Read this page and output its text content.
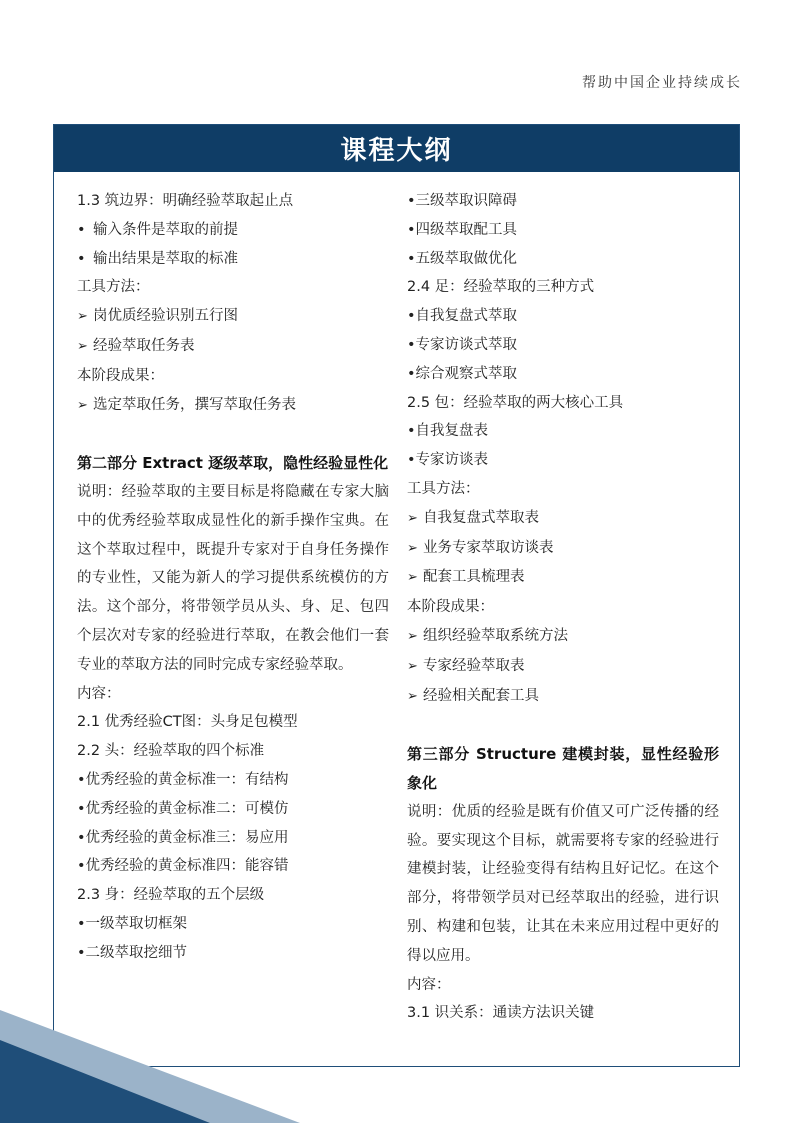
帮助中国企业持续成长
课程大纲
1.3 筑边界：明确经验萃取起止点
• 输入条件是萃取的前提
• 输出结果是萃取的标准
工具方法：
➢ 岗优质经验识别五行图
➢ 经验萃取任务表
本阶段成果：
➢ 选定萃取任务，撰写萃取任务表
第二部分 Extract 逐级萃取，隐性经验显性化
说明：经验萃取的主要目标是将隐藏在专家大脑中的优秀经验萃取成显性化的新手操作宝典。在这个萃取过程中，既提升专家对于自身任务操作的专业性，又能为新人的学习提供系统模仿的方法。这个部分，将带领学员从头、身、足、包四个层次对专家的经验进行萃取，在教会他们一套专业的萃取方法的同时完成专家经验萃取。
内容：
2.1 优秀经验CT图：头身足包模型
2.2 头：经验萃取的四个标准
•优秀经验的黄金标准一：有结构
•优秀经验的黄金标准二：可模仿
•优秀经验的黄金标准三：易应用
•优秀经验的黄金标准四：能容错
2.3 身：经验萃取的五个层级
•一级萃取切框架
•二级萃取挖细节
•三级萃取识障碍
•四级萃取配工具
•五级萃取做优化
2.4 足：经验萃取的三种方式
•自我复盘式萃取
•专家访谈式萃取
•综合观察式萃取
2.5 包：经验萃取的两大核心工具
•自我复盘表
•专家访谈表
工具方法：
➢ 自我复盘式萃取表
➢ 业务专家萃取访谈表
➢ 配套工具梳理表
本阶段成果：
➢ 组织经验萃取系统方法
➢ 专家经验萃取表
➢ 经验相关配套工具
第三部分 Structure 建模封装，显性经验形象化
说明：优质的经验是既有价值又可广泛传播的经验。要实现这个目标，就需要将专家的经验进行建模封装，让经验变得有结构且好记忆。在这个部分，将带领学员对已经萃取出的经验，进行识别、构建和包装，让其在未来应用过程中更好的得以应用。
内容：
3.1 识关系：通读方法识关键
